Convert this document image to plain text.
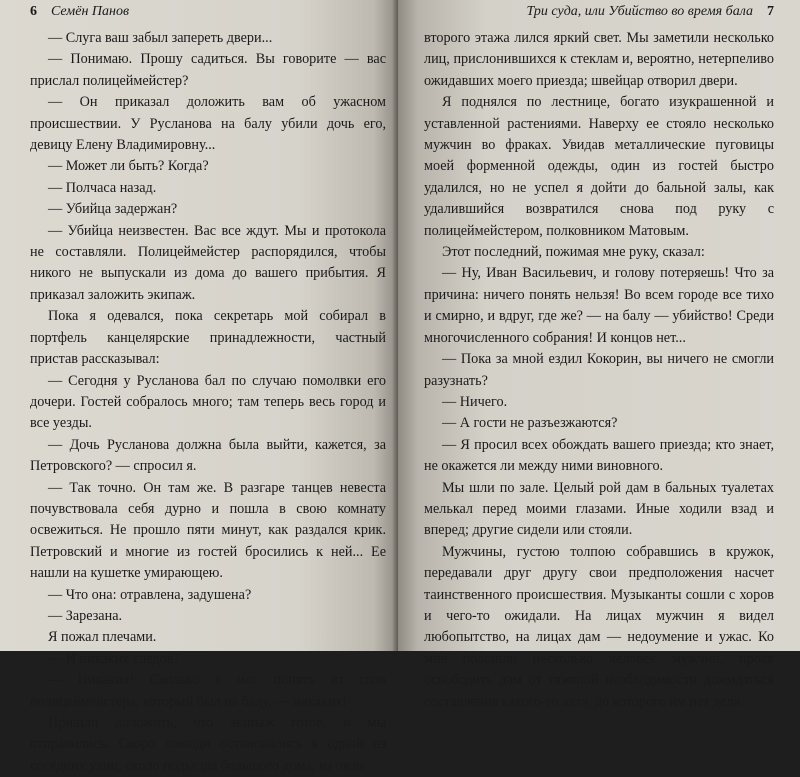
6 Семён Панов

— Слуга ваш забыл запереть двери...

— Понимаю. Прошу садиться. Вы говорите — вас прислал полицеймейстер?

— Он приказал доложить вам об ужасном происшествии. У Русланова на балу убили дочь его, девицу Елену Владимировну...

— Может ли быть? Когда?

— Полчаса назад.

— Убийца задержан?

— Убийца неизвестен. Вас все ждут. Мы и протокола не составляли. Полицеймейстер распорядился, чтобы никого не выпускали из дома до вашего прибытия. Я приказал заложить экипаж.

Пока я одевался, пока секретарь мой собирал в портфель канцелярские принадлежности, частный пристав рассказывал:

— Сегодня у Русланова бал по случаю помолвки его дочери. Гостей собралось много; там теперь весь город и все уезды.

— Дочь Русланова должна была выйти, кажется, за Петровского? — спросил я.

— Так точно. Он там же. В разгаре танцев невеста почувствовала себя дурно и пошла в свою комнату освежиться. Не прошло пяти минут, как раздался крик. Петровский и многие из гостей бросились к ней... Ее нашли на кушетке умирающею.

— Что она: отравлена, задушена?

— Зарезана.

Я пожал плечами.

— И никаких следов?

— Никаких! Сколько я мог понять из слов полицеймейстера, который был на балу, — никаких!

Пришли доложить, что экипаж готов, и мы отправились. Скоро лошади остановились в одной из соседних улиц, около подъезда большого дома, из окон

Три суда, или Убийство во время бала 7

второго этажа лился яркий свет. Мы заметили несколько лиц, прислонившихся к стеклам и, вероятно, нетерпеливо ожидавших моего приезда; швейцар отворил двери.

Я поднялся по лестнице, богато изукрашенной и уставленной растениями. Наверху ее стояло несколько мужчин во фраках. Увидав металлические пуговицы моей форменной одежды, один из гостей быстро удалился, но не успел я дойти до бальной залы, как удалившийся возвратился снова под руку с полицеймейстером, полковником Матовым.

Этот последний, пожимая мне руку, сказал:

— Ну, Иван Васильевич, и голову потеряешь! Что за причина: ничего понять нельзя! Во всем городе все тихо и смирно, и вдруг, где же? — на балу — убийство! Среди многочисленного собрания! И концов нет...

— Пока за мной ездил Кокорин, вы ничего не смогли разузнать?

— Ничего.

— А гости не разъезжаются?

— Я просил всех обождать вашего приезда; кто знает, не окажется ли между ними виновного.

Мы шли по зале. Целый рой дам в бальных туалетах мелькал перед моими глазами. Иные ходили взад и вперед; другие сидели или стояли.

Мужчины, густою толпою собравшись в кружок, передавали друг другу свои предположения насчет таинственного происшествия. Музыканты сошли с хоров и чего-то ожидали. На лицах мужчин я видел любопытство, на лицах дам — недоумение и ужас. Ко мне подошли несколько человек мужчин, прося освободить дам от тяжелой необходимости дожидаться составления какого-то акта, до которого им нет дела.
